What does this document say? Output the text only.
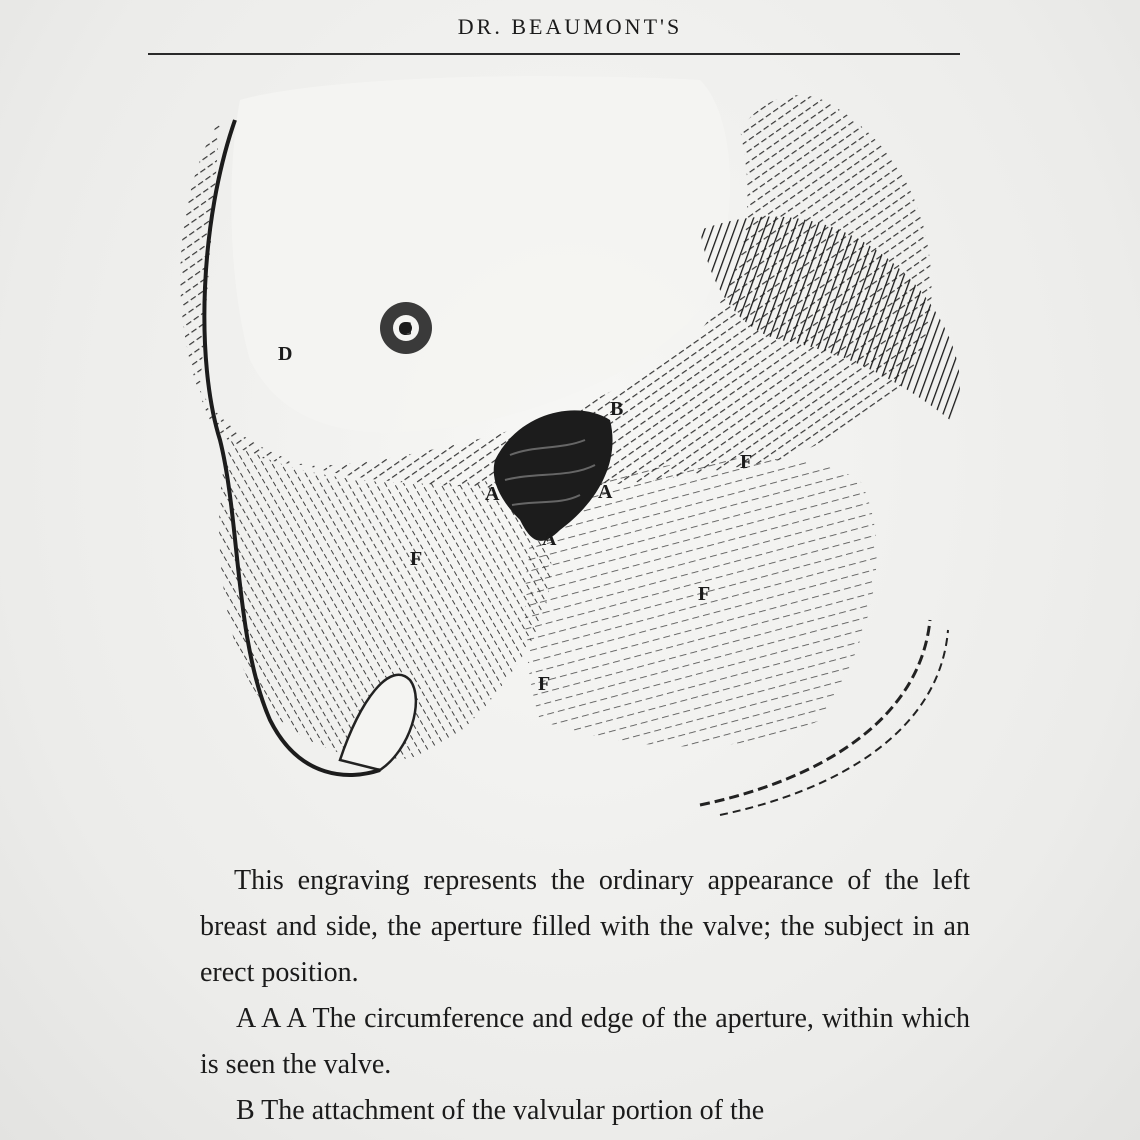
DR. BEAUMONT'S
D
C
B
A	A
A
F
F
F
F

This engraving represents the ordinary appearance of the left breast and side, the aperture filled with the valve; the subject in an erect position.

A A A The circumference and edge of the aperture, within which is seen the valve.

B The attachment of the valvular portion of the
